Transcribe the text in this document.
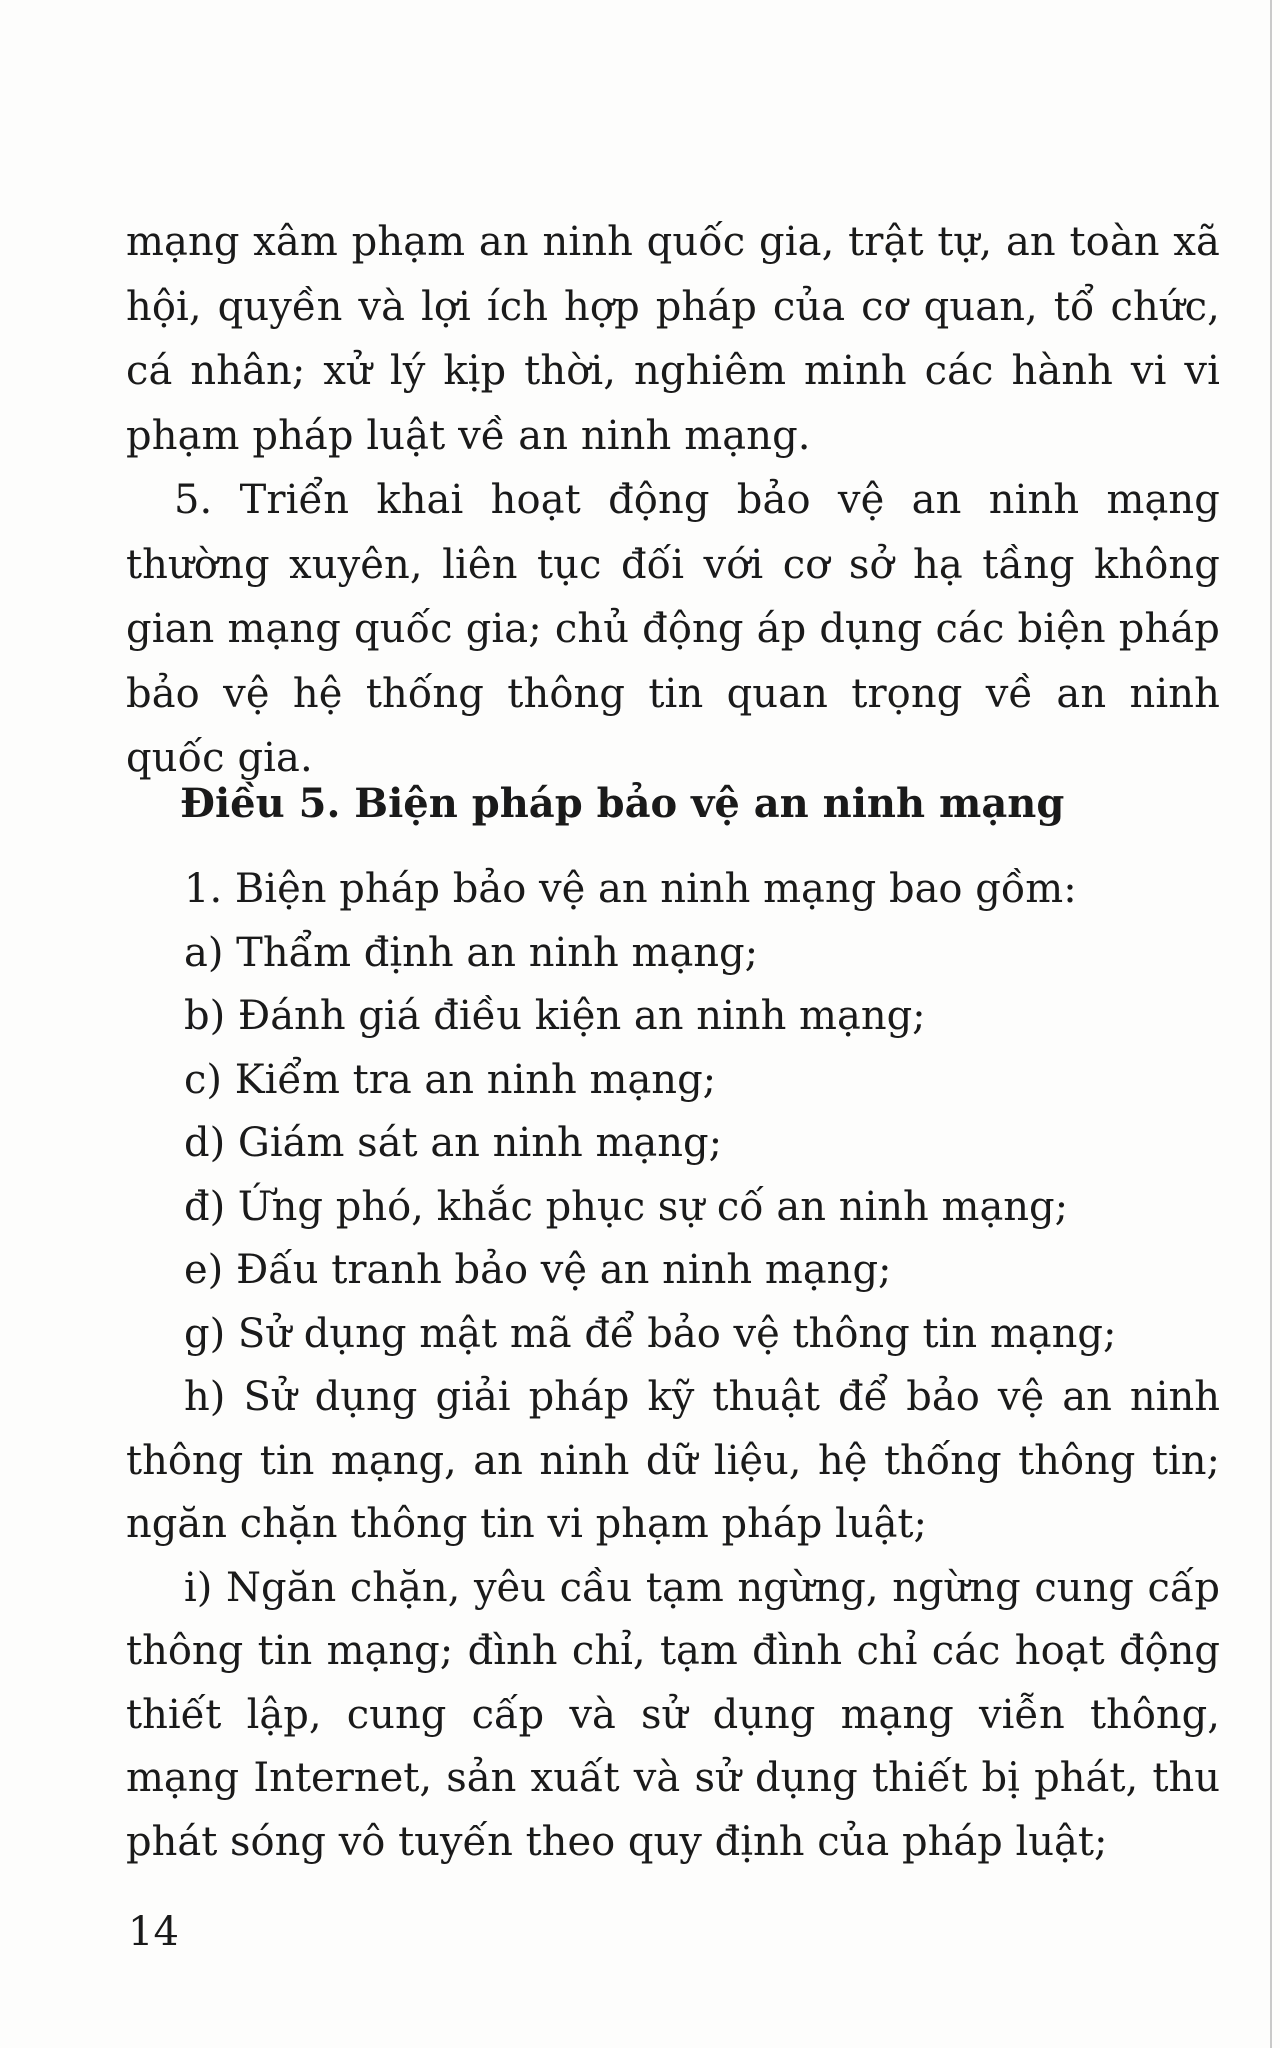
mạng xâm phạm an ninh quốc gia, trật tự, an toàn xã hội, quyền và lợi ích hợp pháp của cơ quan, tổ chức, cá nhân; xử lý kịp thời, nghiêm minh các hành vi vi phạm pháp luật về an ninh mạng.

5. Triển khai hoạt động bảo vệ an ninh mạng thường xuyên, liên tục đối với cơ sở hạ tầng không gian mạng quốc gia; chủ động áp dụng các biện pháp bảo vệ hệ thống thông tin quan trọng về an ninh quốc gia.

Điều 5. Biện pháp bảo vệ an ninh mạng

1. Biện pháp bảo vệ an ninh mạng bao gồm:

a) Thẩm định an ninh mạng;

b) Đánh giá điều kiện an ninh mạng;

c) Kiểm tra an ninh mạng;

d) Giám sát an ninh mạng;

đ) Ứng phó, khắc phục sự cố an ninh mạng;

e) Đấu tranh bảo vệ an ninh mạng;

g) Sử dụng mật mã để bảo vệ thông tin mạng;

h) Sử dụng giải pháp kỹ thuật để bảo vệ an ninh thông tin mạng, an ninh dữ liệu, hệ thống thông tin; ngăn chặn thông tin vi phạm pháp luật;

i) Ngăn chặn, yêu cầu tạm ngừng, ngừng cung cấp thông tin mạng; đình chỉ, tạm đình chỉ các hoạt động thiết lập, cung cấp và sử dụng mạng viễn thông, mạng Internet, sản xuất và sử dụng thiết bị phát, thu phát sóng vô tuyến theo quy định của pháp luật;

14
